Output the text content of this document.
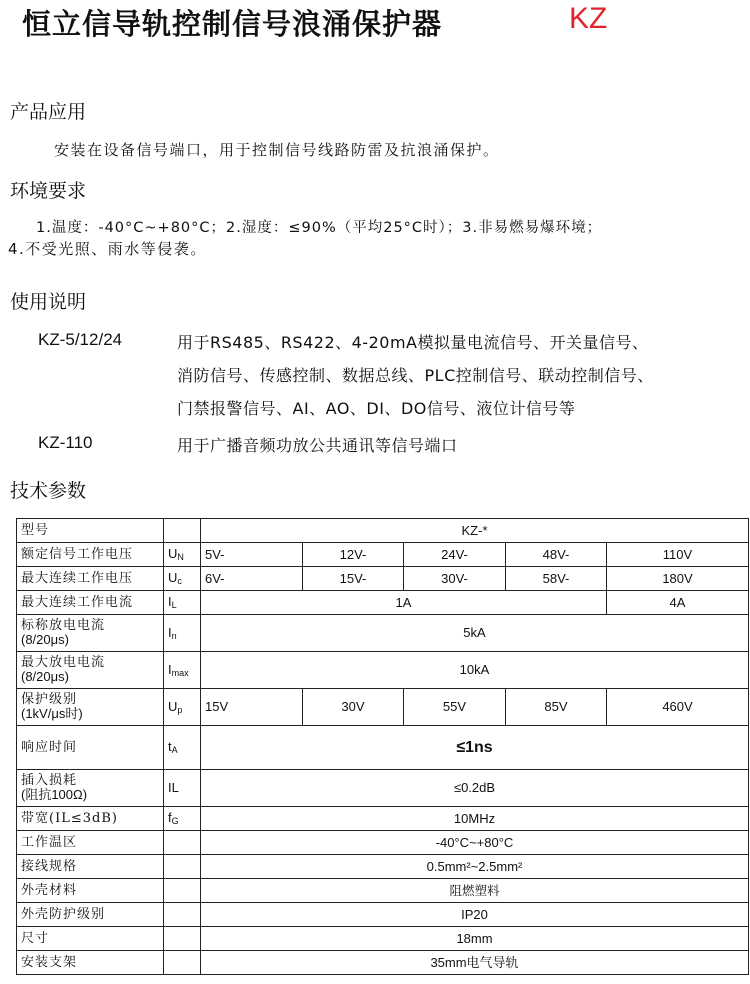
恒立信导轨控制信号浪涌保护器	KZ
产品应用
安装在设备信号端口，用于控制信号线路防雷及抗浪涌保护。
环境要求
1.温度：-40°C~+80°C；2.湿度：≤90%（平均25°C时）；3.非易燃易爆环境；
4.不受光照、雨水等侵袭。
使用说明
KZ-5/12/24	用于RS485、RS422、4-20mA模拟量电流信号、开关量信号、
消防信号、传感控制、数据总线、PLC控制信号、联动控制信号、
门禁报警信号、AI、AO、DI、DO信号、液位计信号等
KZ-110	用于广播音频功放公共通讯等信号端口
技术参数
型号		KZ-*				
额定信号工作电压	UN	5V-	12V-	24V-	48V-	110V
最大连续工作电压	Uc	6V-	15V-	30V-	58V-	180V
最大连续工作电流	IL	1A				4A

标称放电电流
(8/20μs)	In	5kA				

最大放电电流
(8/20μs)	Imax	10kA				

保护级别
(1kV/μs时)	Up	15V	30V	55V	85V	460V
响应时间	tA	≤1ns				

插入损耗
(阻抗100Ω)	IL	≤0.2dB				
带宽(IL≤3dB)	fG	10MHz				
工作温区		-40°C~+80°C				
接线规格		0.5mm²~2.5mm²				
外壳材料		阻燃塑料				
外壳防护级别		IP20				
尺寸		18mm				
安装支架		35mm电气导轨				
